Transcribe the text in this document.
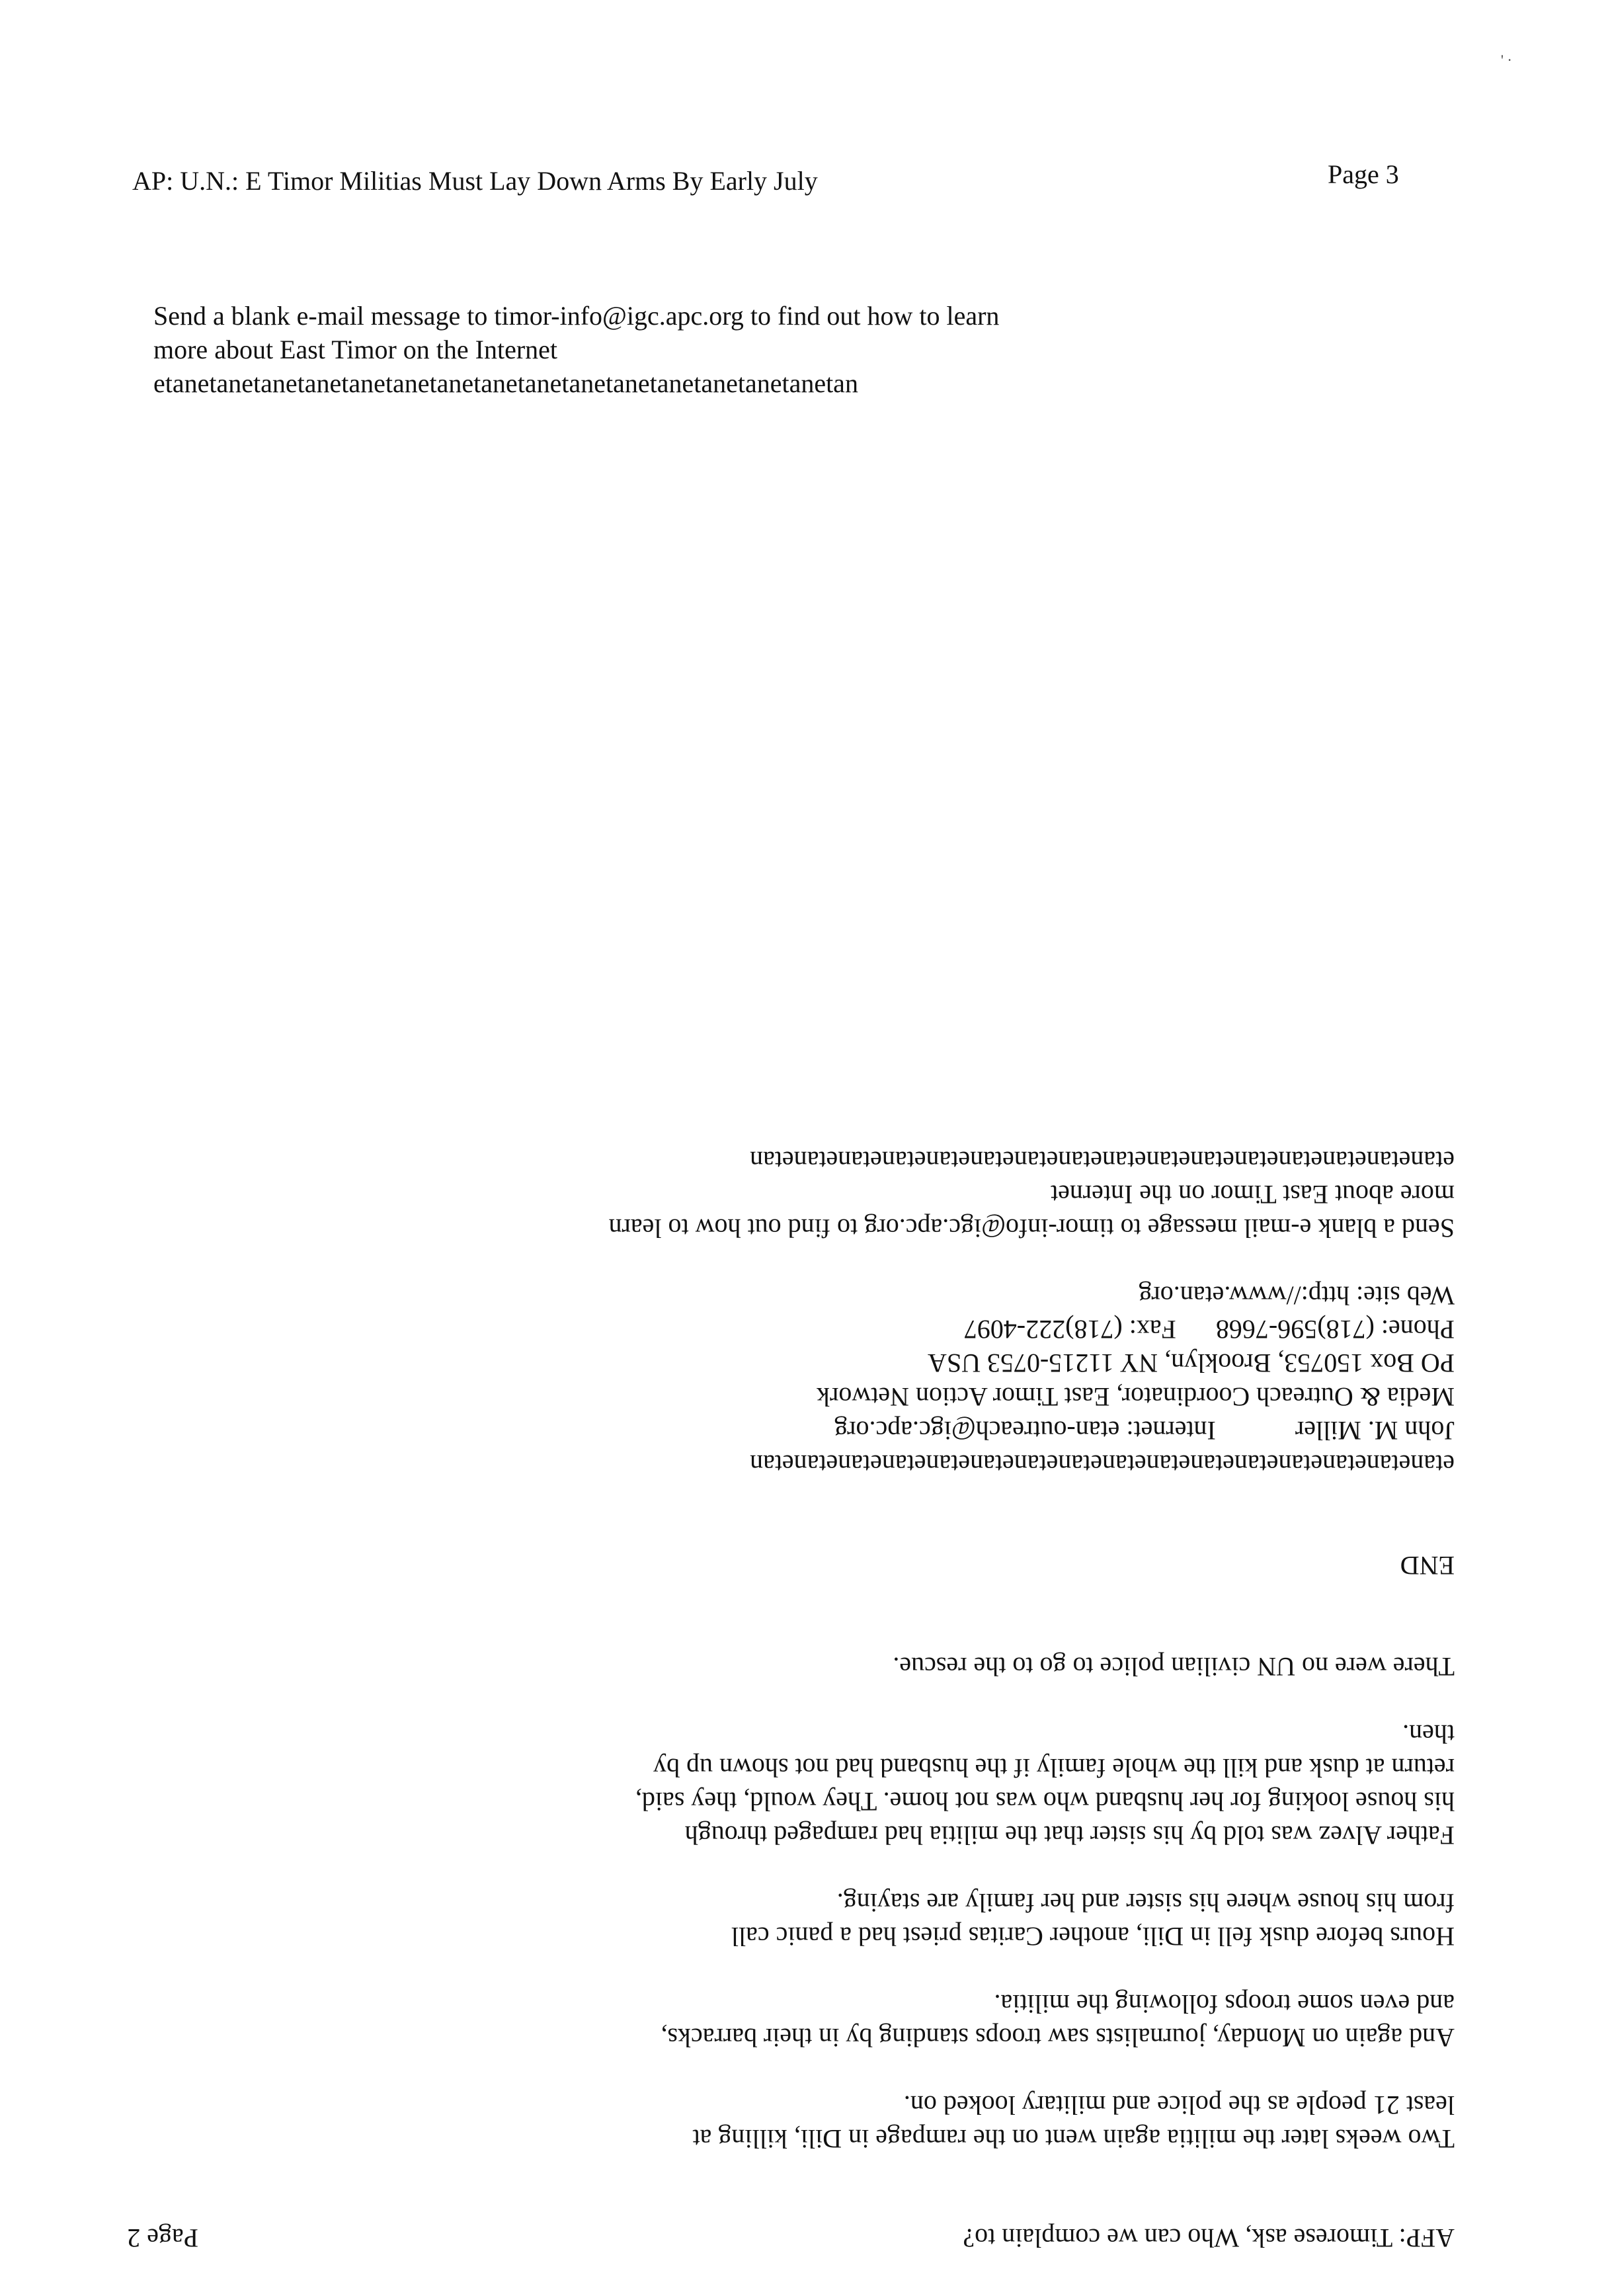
' ·
AP: U.N.: E Timor Militias Must Lay Down Arms By Early July	Page 3

Send a blank e-mail message to timor-info@igc.apc.org to find out how to learn

more about East Timor on the Internet

etanetanetanetanetanetanetanetanetanetanetanetanetanetanetanetan

AFP: Timorese ask, Who can we complain to?
Page 2

Two weeks later the militia again went on the rampage in Dili, killing at

least 21 people as the police and military looked on.

And again on Monday, journalists saw troops standing by in their barracks,

and even some troops following the militia.

Hours before dusk fell in Dili, another Caritas priest had a panic call

from his house where his sister and her family are staying.

Father Alvez was told by his sister that the militia had rampaged through

his house looking for her husband who was not home. They would, they said,

return at dusk and kill the whole family if the husband had not shown up by

then.

There were no UN civilian police to go to the rescue.

END

etanetanetanetanetanetanetanetanetanetanetanetanetanetanetanetan

John M. MillerInternet: etan-outreach@igc.apc.org

Media & Outreach Coordinator, East Timor Action Network

PO Box 150753, Brooklyn, NY 11215-0753 USA

Phone: (718)596-7668Fax: (718)222-4097

Web site: http://www.etan.org

Send a blank e-mail message to timor-info@igc.apc.org to find out how to learn

more about East Timor on the Internet

etanetanetanetanetanetanetanetanetanetanetanetanetanetanetanetan
